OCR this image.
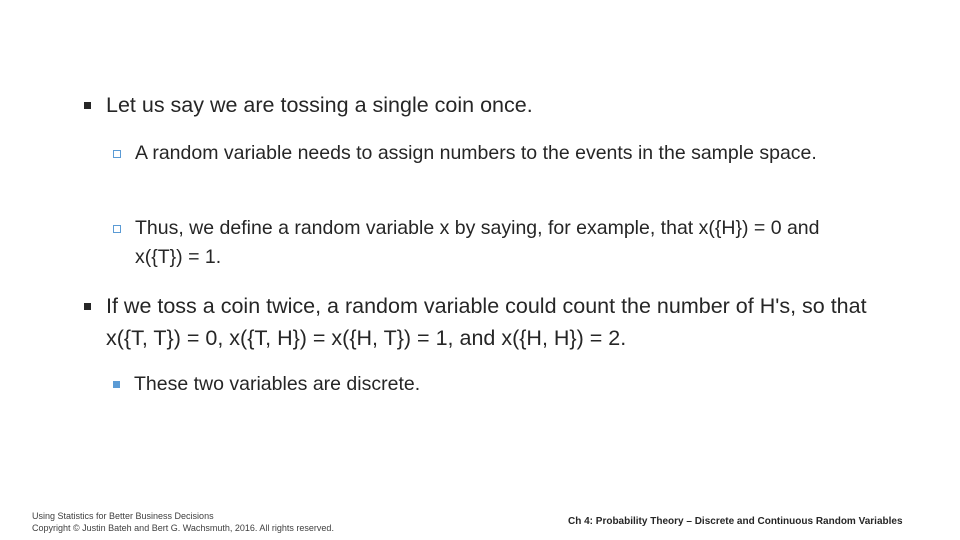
Let us say we are tossing a single coin once.
A random variable needs to assign numbers to the events in the sample space.
Thus, we define a random variable x by saying, for example, that x({H}) = 0 and x({T}) = 1.
If we toss a coin twice, a random variable could count the number of H's, so that x({T, T}) = 0, x({T, H}) = x({H, T}) = 1, and x({H, H}) = 2.
These two variables are discrete.
Using Statistics for Better Business Decisions
Copyright © Justin Bateh and Bert G. Wachsmuth, 2016. All rights reserved.
Ch 4: Probability Theory – Discrete and Continuous Random Variables
